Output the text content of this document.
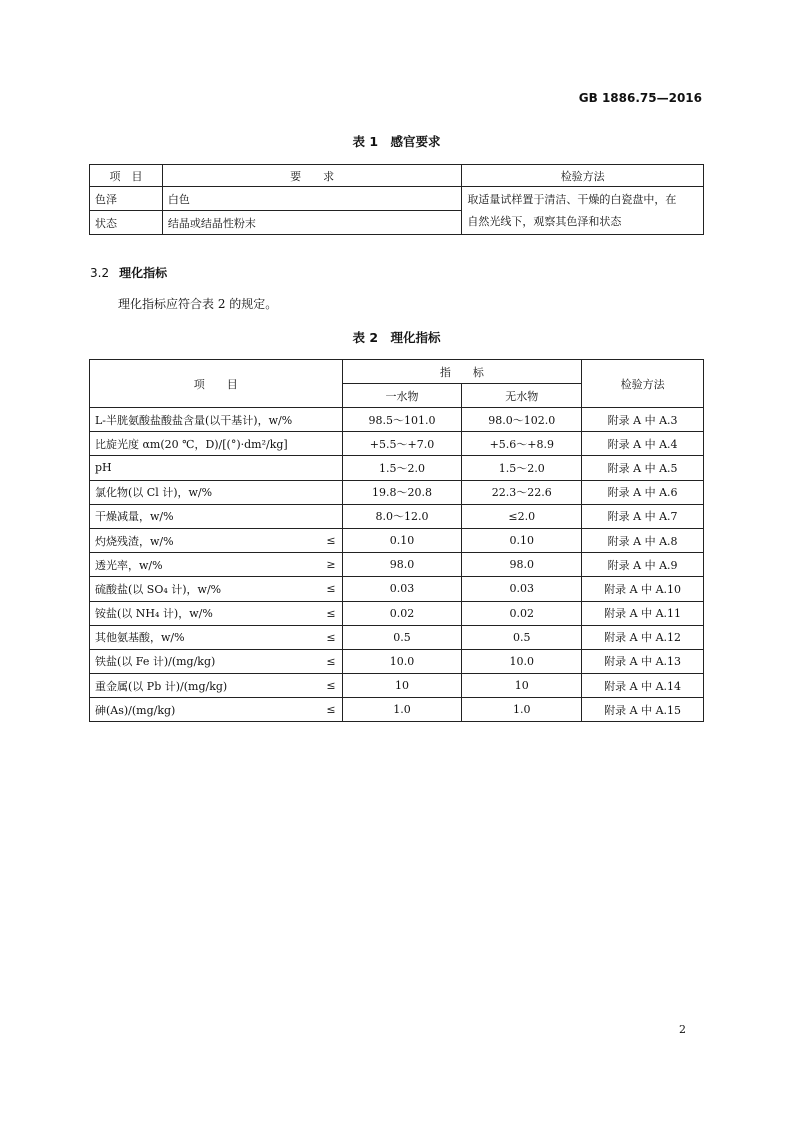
GB 1886.75—2016
表 1　感官要求
项　目	要　　求	检验方法
色泽	白色	取适量试样置于清洁、干燥的白瓷盘中，在
自然光线下，观察其色泽和状态

状态	结晶或结晶性粉末	
3.2 理化指标
理化指标应符合表 2 的规定。
表 2　理化指标
项　　目		指　　标		检验方法
		一水物	无水物	
L-半胱氨酸盐酸盐含量(以干基计)，w/%		98.5～101.0	98.0～102.0	附录 A 中 A.3
比旋光度 αm(20 ℃，D)/[(°)·dm²/kg]		+5.5～+7.0	+5.6～+8.9	附录 A 中 A.4
pH		1.5～2.0	1.5～2.0	附录 A 中 A.5
氯化物(以 Cl 计)，w/%		19.8～20.8	22.3～22.6	附录 A 中 A.6
干燥减量，w/%		8.0～12.0	≤2.0	附录 A 中 A.7
灼烧残渣，w/%	≤	0.10	0.10	附录 A 中 A.8
透光率，w/%	≥	98.0	98.0	附录 A 中 A.9
硫酸盐(以 SO₄ 计)，w/%	≤	0.03	0.03	附录 A 中 A.10
铵盐(以 NH₄ 计)，w/%	≤	0.02	0.02	附录 A 中 A.11
其他氨基酸，w/%	≤	0.5	0.5	附录 A 中 A.12
铁盐(以 Fe 计)/(mg/kg)	≤	10.0	10.0	附录 A 中 A.13
重金属(以 Pb 计)/(mg/kg)	≤	10	10	附录 A 中 A.14
砷(As)/(mg/kg)	≤	1.0	1.0	附录 A 中 A.15
2
